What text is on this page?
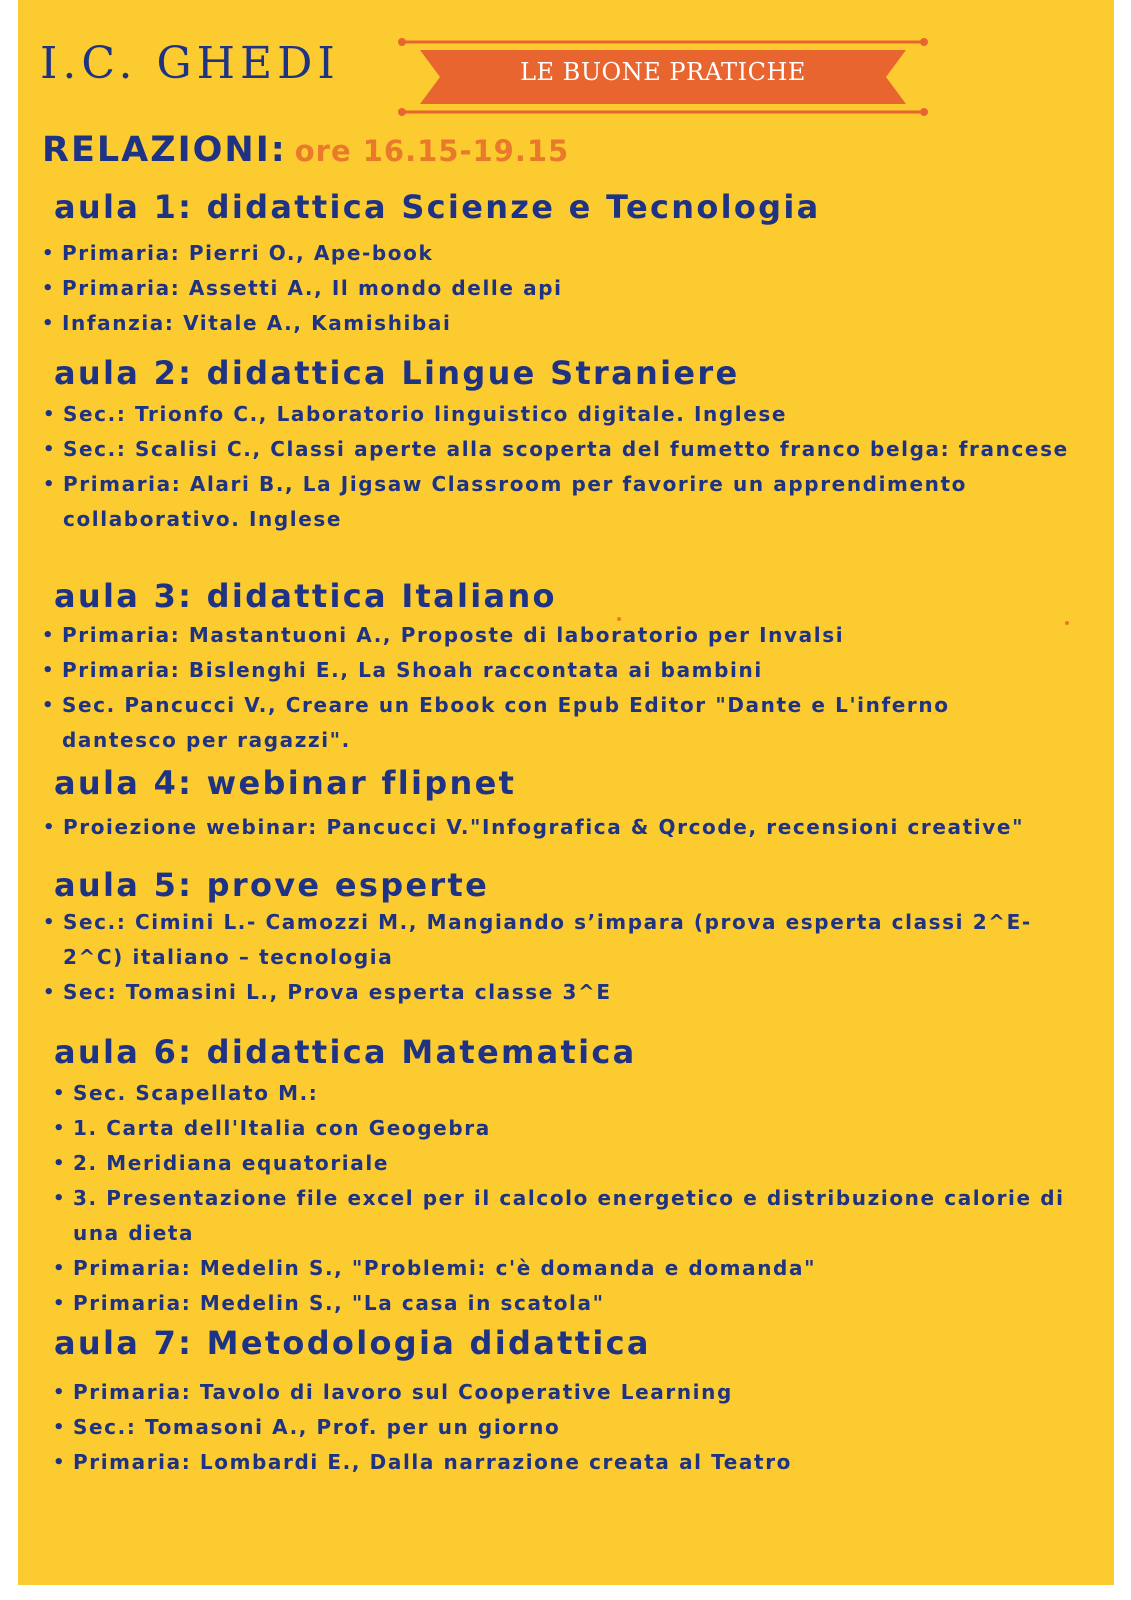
I.C. GHEDI	LE BUONE PRATICHE
RELAZIONI: ore 16.15-19.15
aula 1: didattica Scienze e Tecnologia
• Primaria: Pierri O., Ape-book
• Primaria: Assetti A., Il mondo delle api
• Infanzia: Vitale A., Kamishibai
aula 2: didattica Lingue Straniere
• Sec.: Trionfo C., Laboratorio linguistico digitale. Inglese
• Sec.: Scalisi C., Classi aperte alla scoperta del fumetto franco belga: francese
• Primaria: Alari B., La Jigsaw Classroom per favorire un apprendimento collaborativo. Inglese
aula 3: didattica Italiano
• Primaria: Mastantuoni A., Proposte di laboratorio per Invalsi
• Primaria: Bislenghi E., La Shoah raccontata ai bambini
• Sec. Pancucci V., Creare un Ebook con Epub Editor "Dante e L'inferno dantesco per ragazzi".
aula 4: webinar flipnet
• Proiezione webinar: Pancucci V."Infografica & Qrcode, recensioni creative"
aula 5: prove esperte
• Sec.: Cimini L.- Camozzi M., Mangiando s’impara (prova esperta classi 2^E-2^C) italiano – tecnologia
• Sec: Tomasini L., Prova esperta classe 3^E
aula 6: didattica Matematica
• Sec. Scapellato M.:
• 1. Carta dell'Italia con Geogebra
• 2. Meridiana equatoriale
• 3. Presentazione file excel per il calcolo energetico e distribuzione calorie di una dieta
• Primaria: Medelin S., "Problemi: c'è domanda e domanda"
• Primaria: Medelin S., "La casa in scatola"
aula 7: Metodologia didattica
• Primaria: Tavolo di lavoro sul Cooperative Learning
• Sec.: Tomasoni A., Prof. per un giorno
• Primaria: Lombardi E., Dalla narrazione creata al Teatro
